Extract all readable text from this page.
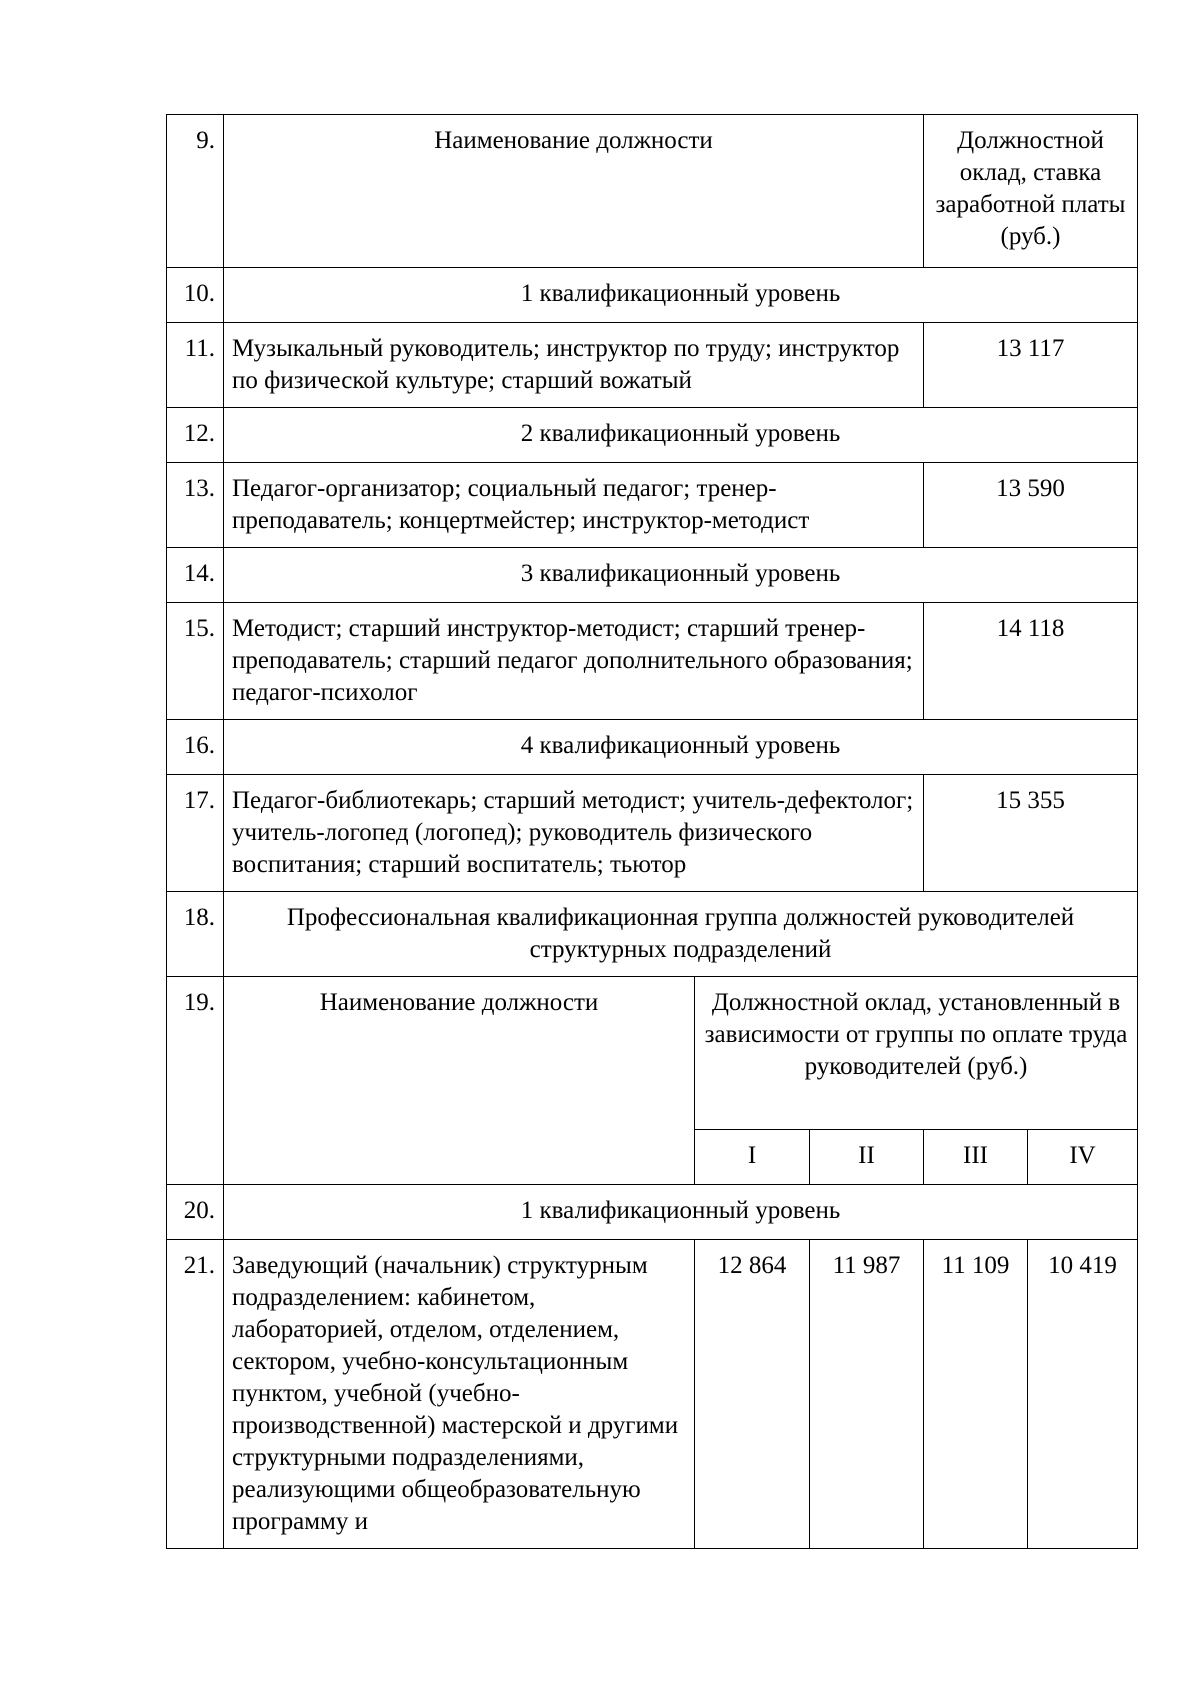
9.	Наименование должности			Должностной оклад, ставка заработной платы (руб.)	
10.	1 квалификационный уровень				
11.	Музыкальный руководитель; инструктор по труду; инструктор по физической культуре; старший вожатый			13 117	
12.	2 квалификационный уровень				
13.	Педагог-организатор; социальный педагог; тренер-преподаватель; концертмейстер; инструктор-методист			13 590	
14.	3 квалификационный уровень				
15.	Методист; старший инструктор-методист; старший тренер-преподаватель; старший педагог дополнительного образования; педагог-психолог			14 118	
16.	4 квалификационный уровень				
17.	Педагог-библиотекарь; старший методист; учитель-дефектолог; учитель-логопед (логопед); руководитель физического воспитания; старший воспитатель; тьютор			15 355	
18.	Профессиональная квалификационная группа должностей руководителей структурных подразделений				
19.	Наименование должности	Должностной оклад, установленный в зависимости от группы по оплате труда руководителей (руб.)			
		I	II	III	IV
20.	1 квалификационный уровень				
21.	Заведующий (начальник) структурным подразделением: кабинетом, лабораторией, отделом, отделением, сектором, учебно-консультационным пунктом, учебной (учебно-производственной) мастерской и другими структурными подразделениями, реализующими общеобразовательную программу и	12 864	11 987	11 109	10 419
